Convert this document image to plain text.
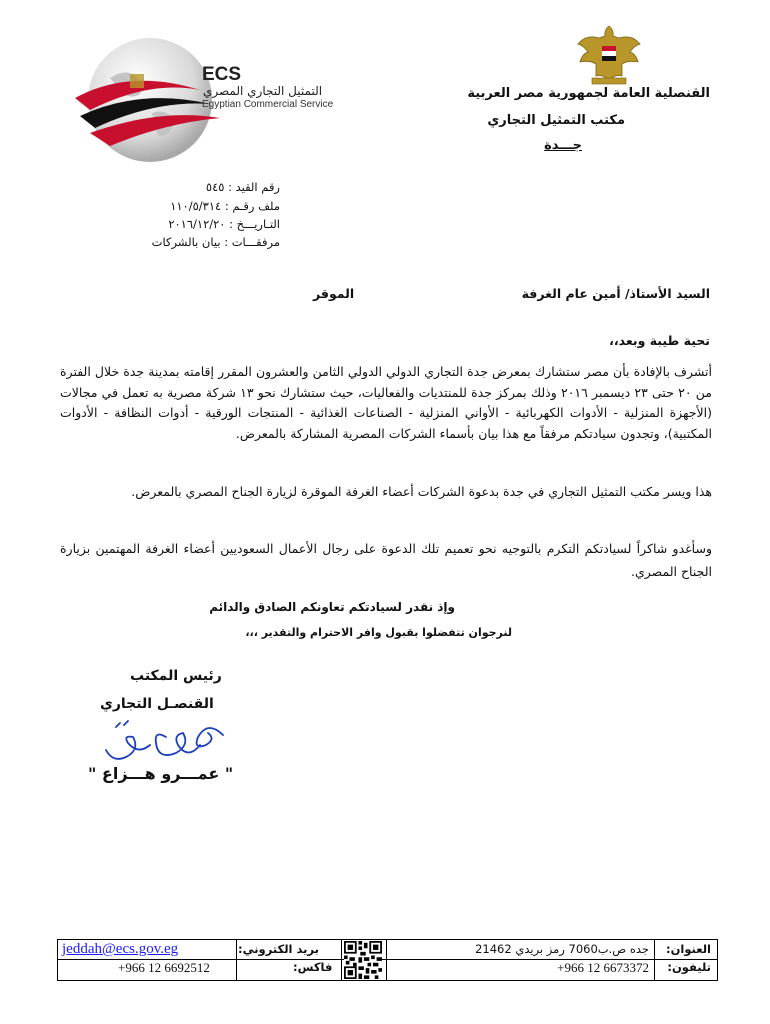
ECS
التمثيل التجاري المصري
Egyptian Commercial Service
القنصلية العامة لجمهورية مصر العربية
مكتب التمثيل التجاري
جـــدة
رقم القيد : ٥٤٥
ملف رقـم : ١١٠/٥/٣١٤
التـاريـــخ : ٢٠١٦/١٢/٢٠
مرفقـــات : بيان بالشركات
السيد الأستاذ/ أمين عام الغرفة
الموقر
تحية طيبة وبعد،،
أتشرف بالإفادة بأن مصر ستشارك بمعرض جدة التجاري الدولي الدولي الثامن والعشرون المقرر إقامته بمدينة جدة خلال الفترة من ٢٠ حتى ٢٣ ديسمبر ٢٠١٦ وذلك بمركز جدة للمنتديات والفعاليات، حيث ستشارك نحو ١٣ شركة مصرية به تعمل في مجالات (الأجهزة المنزلية - الأدوات الكهربائية - الأواني المنزلية - الصناعات الغذائية - المنتجات الورقية - أدوات النظافة - الأدوات المكتبية)، وتجدون سيادتكم مرفقاً مع هذا بيان بأسماء الشركات المصرية المشاركة بالمعرض.
هذا ويسر مكتب التمثيل التجاري في جدة بدعوة الشركات أعضاء الغرفة الموقرة لزيارة الجناح المصري بالمعرض.
وسأغدو شاكراً لسيادتكم التكرم بالتوجيه نحو تعميم تلك الدعوة على رجال الأعمال السعوديين أعضاء الغرفة المهتمين بزيارة الجناح المصري.
وإذ نقدر لسيادتكم تعاونكم الصادق والدائم
لنرجوان تتفضلوا بقبول وافر الاحترام والتقدير ،،،
رئيس المكتب
القنصـل التجاري
" عمـــرو هـــزاع "
العنوان:
تليفون:
جده ص.ب7060 رمز بريدي 21462
+966 12 6673372
بريد الكتروني:
فاكس:
jeddah@ecs.gov.eg
+966 12 6692512
